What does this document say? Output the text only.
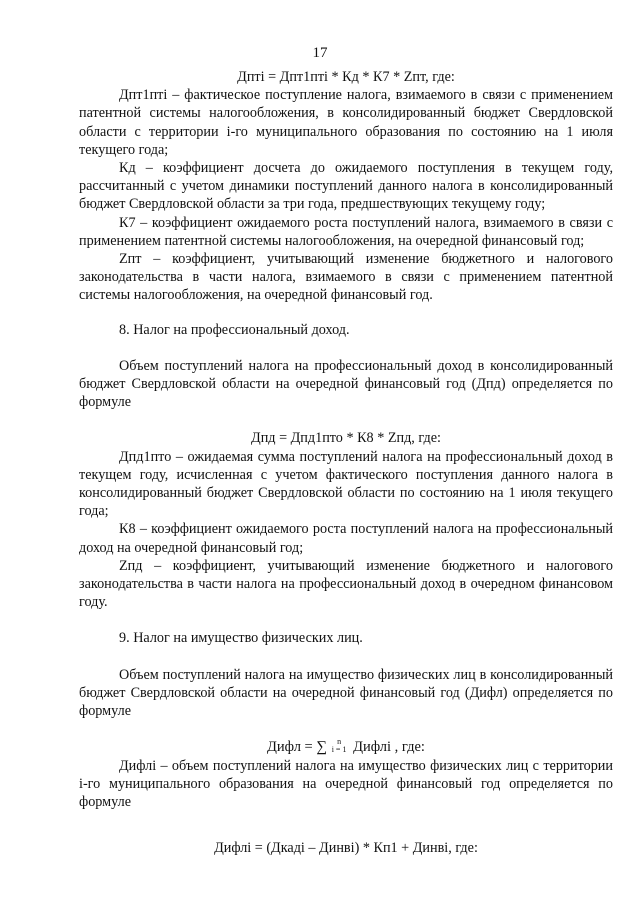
17

Дпті = Дпт1пті * Кд * К7 * Zпт, где:

Дпт1пті – фактическое поступление налога, взимаемого в связи с применением патентной системы налогообложения, в консолидированный бюджет Свердловской области с территории і-го муниципального образования по состоянию на 1 июля текущего года;

Кд – коэффициент досчета до ожидаемого поступления в текущем году, рассчитанный с учетом динамики поступлений данного налога в консолидированный бюджет Свердловской области за три года, предшествующих текущему году;

К7 – коэффициент ожидаемого роста поступлений налога, взимаемого в связи с применением патентной системы налогообложения, на очередной финансовый год;

Zпт – коэффициент, учитывающий изменение бюджетного и налогового законодательства в части налога, взимаемого в связи с применением патентной системы налогообложения, на очередной финансовый год.

8. Налог на профессиональный доход.

Объем поступлений налога на профессиональный доход в консолидированный бюджет Свердловской области на очередной финансовый год (Дпд) определяется по формуле

Дпд = Дпд1пто * К8 * Zпд, где:

Дпд1пто – ожидаемая сумма поступлений налога на профессиональный доход в текущем году, исчисленная с учетом фактического поступления данного налога в консолидированный бюджет Свердловской области по состоянию на 1 июля текущего года;

К8 – коэффициент ожидаемого роста поступлений налога на профессиональный доход на очередной финансовый год;

Zпд – коэффициент, учитывающий изменение бюджетного и налогового законодательства в части налога на профессиональный доход в очередном финансовом году.

9. Налог на имущество физических лиц.

Объем поступлений налога на имущество физических лиц в консолидированный бюджет Свердловской области на очередной финансовый год (Дифл) определяется по формуле

Дифл = ∑	n
i = 1 Дифлі , где:

Дифлі – объем поступлений налога на имущество физических лиц с территории і-го муниципального образования на очередной финансовый год определяется по формуле

Дифлі = (Дкаді – Динві) * Кп1 + Динві, где:
